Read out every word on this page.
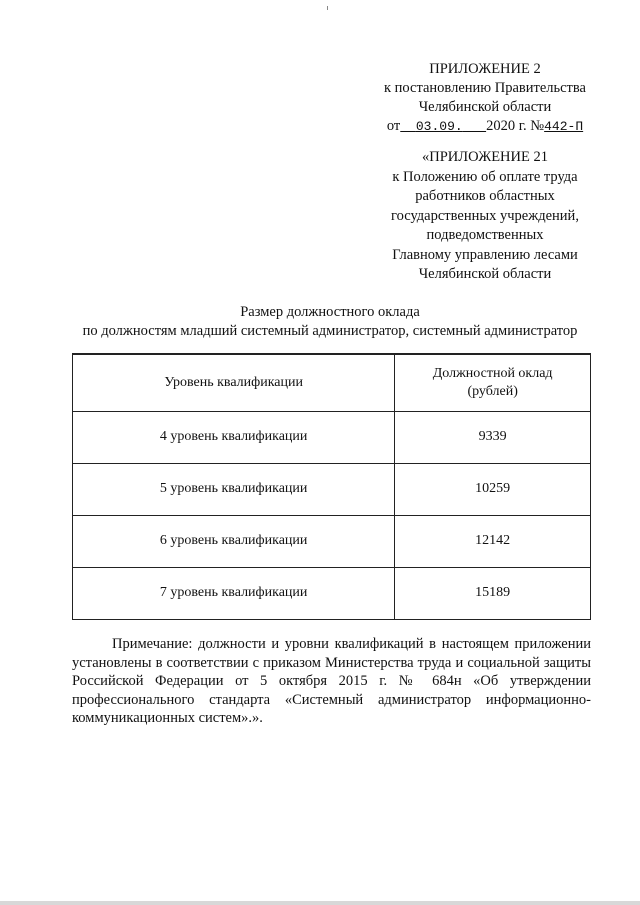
ПРИЛОЖЕНИЕ 2
к постановлению Правительства
Челябинской области
от 03.09. 2020 г. №442-П
«ПРИЛОЖЕНИЕ 21
к Положению об оплате труда
работников областных
государственных учреждений,
подведомственных
Главному управлению лесами
Челябинской области
Размер должностного оклада
по должностям младший системный администратор, системный администратор
Уровень квалификации	Должностной оклад
(рублей)

4 уровень квалификации	9339
5 уровень квалификации	10259
6 уровень квалификации	12142
7 уровень квалификации	15189

Примечание: должности и уровни квалификаций в настоящем приложении установлены в соответствии с приказом Министерства труда и социальной защиты Российской Федерации от 5 октября 2015 г. № 684н «Об утверждении профессионального стандарта «Системный администратор информационно-коммуникационных систем».».
